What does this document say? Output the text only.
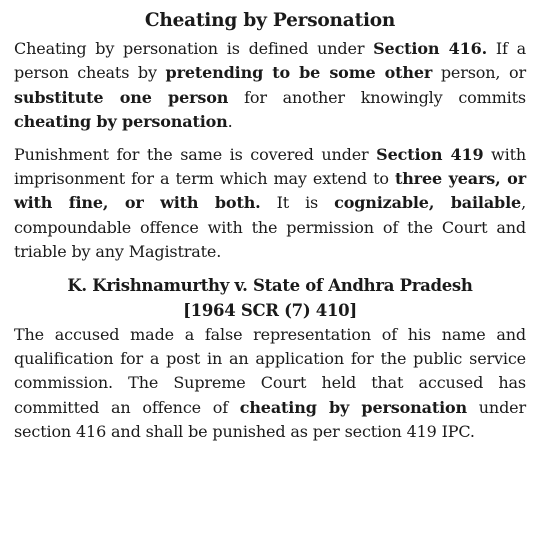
Cheating by Personation

Cheating by personation is defined under Section 416. If a person cheats by pretending to be some other person, or substitute one person for another knowingly commits cheating by personation.

Punishment for the same is covered under Section 419 with imprisonment for a term which may extend to three years, or with fine, or with both. It is cognizable, bailable, compoundable offence with the permission of the Court and triable by any Magistrate.

K. Krishnamurthy v. State of Andhra Pradesh

[1964 SCR (7) 410]

The accused made a false representation of his name and qualification for a post in an application for the public service commission. The Supreme Court held that accused has committed an offence of cheating by personation under section 416 and shall be punished as per section 419 IPC.
